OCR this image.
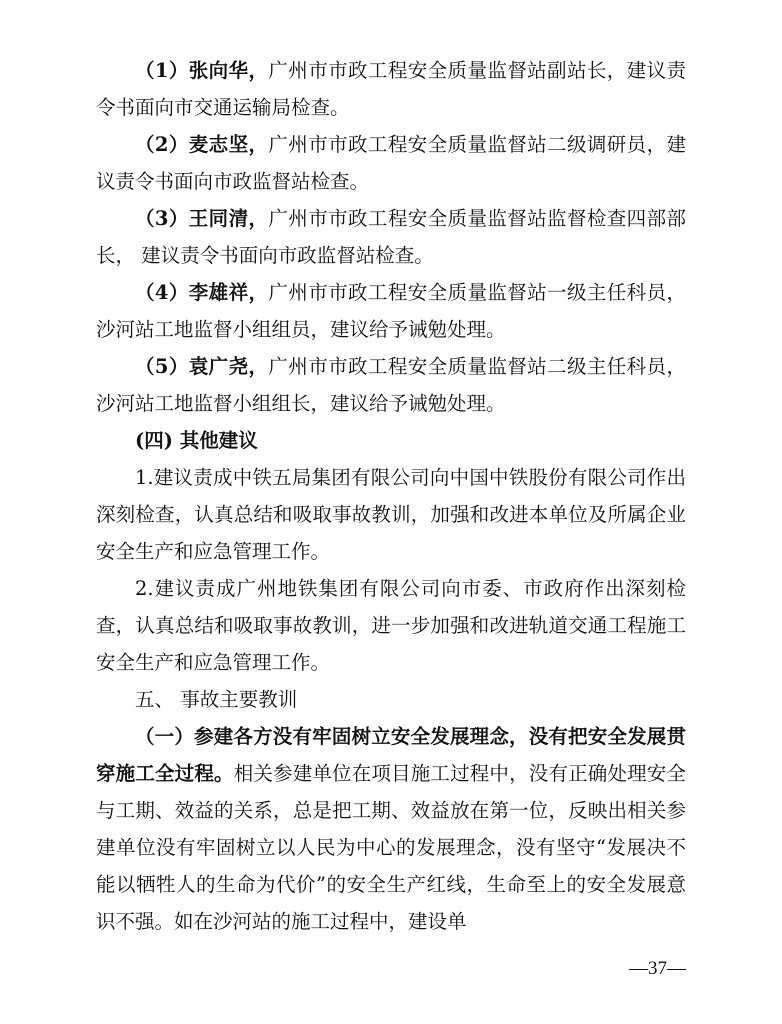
（1）张向华，广州市市政工程安全质量监督站副站长，建议责令书面向市交通运输局检查。

（2）麦志坚，广州市市政工程安全质量监督站二级调研员，建议责令书面向市政监督站检查。

（3）王同清，广州市市政工程安全质量监督站监督检查四部部长， 建议责令书面向市政监督站检查。

（4）李雄祥，广州市市政工程安全质量监督站一级主任科员，沙河站工地监督小组组员，建议给予诫勉处理。

（5）袁广尧，广州市市政工程安全质量监督站二级主任科员，沙河站工地监督小组组长，建议给予诫勉处理。

(四) 其他建议

1.建议责成中铁五局集团有限公司向中国中铁股份有限公司作出深刻检查，认真总结和吸取事故教训，加强和改进本单位及所属企业安全生产和应急管理工作。

2.建议责成广州地铁集团有限公司向市委、市政府作出深刻检查，认真总结和吸取事故教训，进一步加强和改进轨道交通工程施工安全生产和应急管理工作。

五、 事故主要教训

（一）参建各方没有牢固树立安全发展理念，没有把安全发展贯穿施工全过程。相关参建单位在项目施工过程中，没有正确处理安全与工期、效益的关系，总是把工期、效益放在第一位，反映出相关参建单位没有牢固树立以人民为中心的发展理念，没有坚守“发展决不能以牺牲人的生命为代价”的安全生产红线，生命至上的安全发展意识不强。如在沙河站的施工过程中，建设单

—37—
